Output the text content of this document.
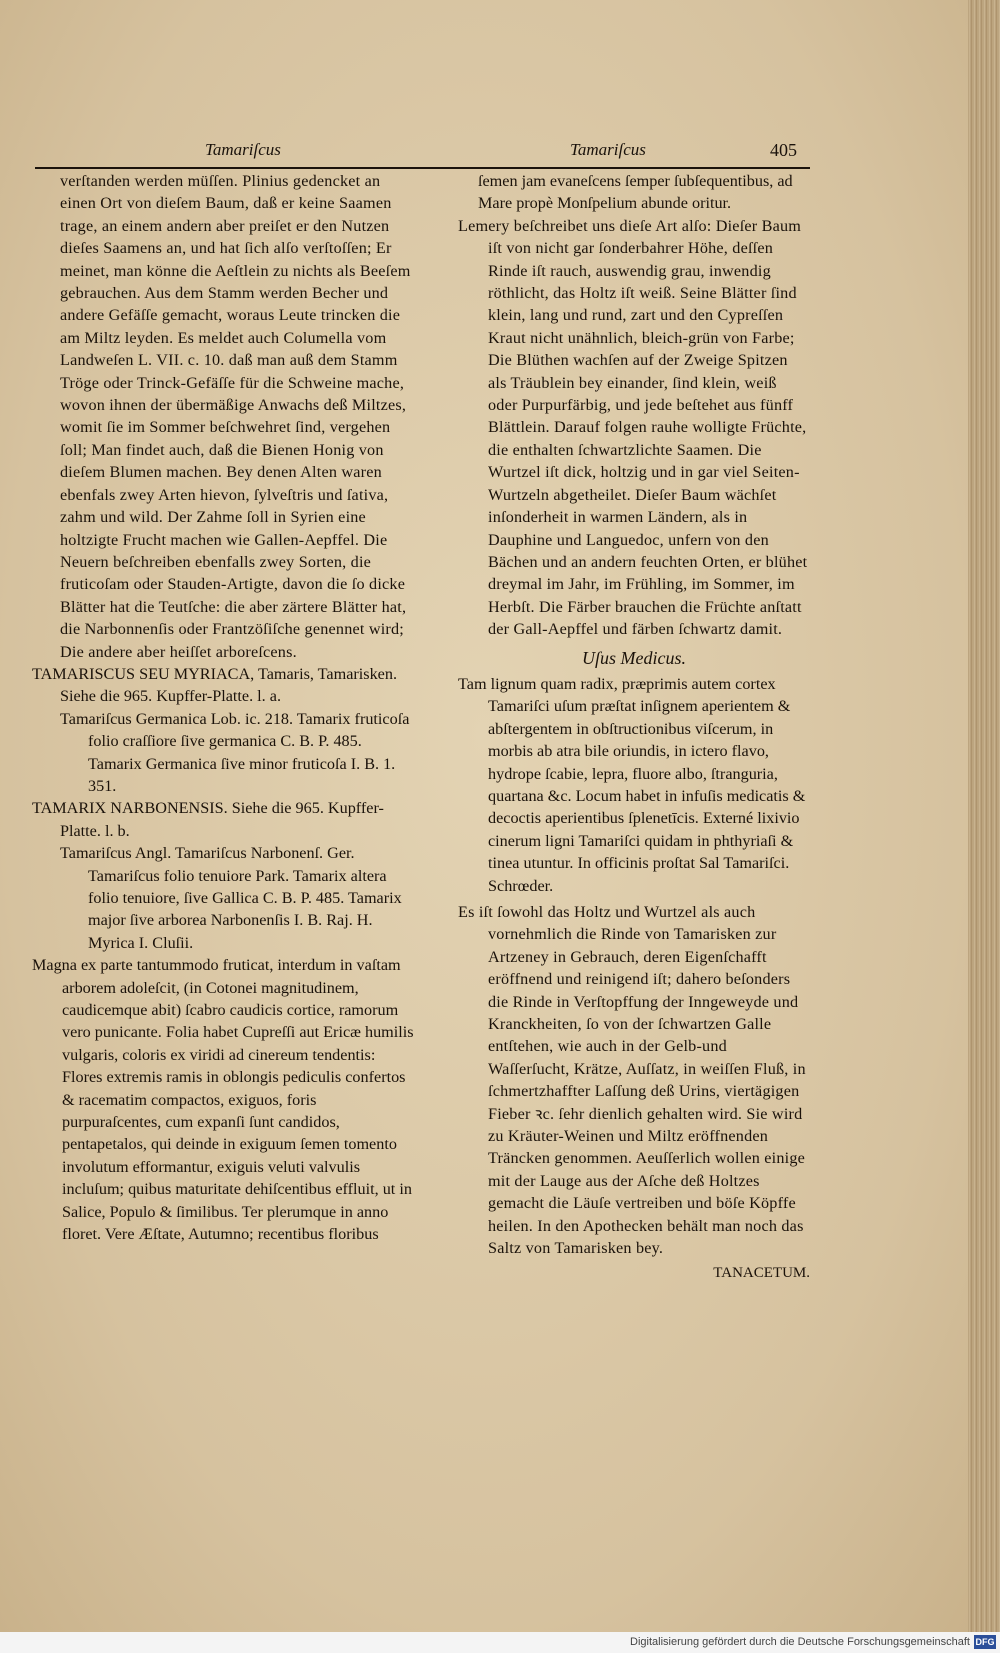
Tamariſcus	Tamariſcus	405

verſtanden werden müſſen. Plinius gedencket an einen Ort von dieſem Baum, daß er keine Saamen trage, an einem andern aber preiſet er den Nutzen dieſes Saamens an, und hat ſich alſo verſtoſſen; Er meinet, man könne die Aeſtlein zu nichts als Beeſem gebrauchen. Aus dem Stamm werden Becher und andere Gefäſſe gemacht, woraus Leute trincken die am Miltz leyden. Es meldet auch Columella vom Landweſen L. VII. c. 10. daß man auß dem Stamm Tröge oder Trinck-Gefäſſe für die Schweine mache, wovon ihnen der übermäßige Anwachs deß Miltzes, womit ſie im Sommer beſchwehret ſind, vergehen ſoll; Man findet auch, daß die Bienen Honig von dieſem Blumen machen. Bey denen Alten waren ebenfals zwey Arten hievon, ſylveſtris und ſativa, zahm und wild. Der Zahme ſoll in Syrien eine holtzigte Frucht machen wie Gallen-Aepffel. Die Neuern beſchreiben ebenfalls zwey Sorten, die fruticoſam oder Stauden-Artigte, davon die ſo dicke Blätter hat die Teutſche: die aber zärtere Blätter hat, die Narbonnenſis oder Frantzöſiſche genennet wird; Die andere aber heiſſet arboreſcens.

TAMARISCUS SEU MYRIACA, Tamaris, Tamarisken. Siehe die 965. Kupffer-Platte. l. a.

Tamariſcus Germanica Lob. ic. 218. Tamarix fruticoſa folio craſſiore ſive germanica C. B. P. 485. Tamarix Germanica ſive minor fruticoſa I. B. 1. 351.

TAMARIX NARBONENSIS. Siehe die 965. Kupffer-Platte. l. b.

Tamariſcus Angl. Tamariſcus Narbonenſ. Ger. Tamariſcus folio tenuiore Park. Tamarix altera folio tenuiore, ſive Gallica C. B. P. 485. Tamarix major ſive arborea Narbonenſis I. B. Raj. H. Myrica I. Cluſii.

Magna ex parte tantummodo fruticat, interdum in vaſtam arborem adoleſcit, (in Cotonei magnitudinem, caudicemque abit) ſcabro caudicis cortice, ramorum vero punicante. Folia habet Cupreſſi aut Ericæ humilis vulgaris, coloris ex viridi ad cinereum tendentis: Flores extremis ramis in oblongis pediculis confertos & racematim compactos, exiguos, foris purpuraſcentes, cum expanſi ſunt candidos, pentapetalos, qui deinde in exiguum ſemen tomento involutum efformantur, exiguis veluti valvulis incluſum; quibus maturitate dehiſcentibus effluit, ut in Salice, Populo & ſimilibus. Ter plerumque in anno floret. Vere Æſtate, Autumno; recentibus floribus

ſemen jam evaneſcens ſemper ſubſequentibus, ad Mare propè Monſpelium abunde oritur.

Lemery beſchreibet uns dieſe Art alſo: Dieſer Baum iſt von nicht gar ſonderbahrer Höhe, deſſen Rinde iſt rauch, auswendig grau, inwendig röthlicht, das Holtz iſt weiß. Seine Blätter ſind klein, lang und rund, zart und den Cypreſſen Kraut nicht unähnlich, bleich-grün von Farbe; Die Blüthen wachſen auf der Zweige Spitzen als Träublein bey einander, ſind klein, weiß oder Purpurfärbig, und jede beſtehet aus fünff Blättlein. Darauf folgen rauhe wolligte Früchte, die enthalten ſchwartzlichte Saamen. Die Wurtzel iſt dick, holtzig und in gar viel Seiten-Wurtzeln abgetheilet. Dieſer Baum wächſet inſonderheit in warmen Ländern, als in Dauphine und Languedoc, unfern von den Bächen und an andern feuchten Orten, er blühet dreymal im Jahr, im Frühling, im Sommer, im Herbſt. Die Färber brauchen die Früchte anſtatt der Gall-Aepffel und färben ſchwartz damit.

Uſus Medicus.

Tam lignum quam radix, præprimis autem cortex Tamariſci uſum præſtat inſignem aperientem & abſtergentem in obſtructionibus viſcerum, in morbis ab atra bile oriundis, in ictero flavo, hydrope ſcabie, lepra, fluore albo, ſtranguria, quartana &c. Locum habet in infuſis medicatis & decoctis aperientibus ſplenetīcis. Externé lixivio cinerum ligni Tamariſci quidam in phthyriaſi & tinea utuntur. In officinis proſtat Sal Tamariſci. Schrœder.

Es iſt ſowohl das Holtz und Wurtzel als auch vornehmlich die Rinde von Tamarisken zur Artzeney in Gebrauch, deren Eigenſchafft eröffnend und reinigend iſt; dahero beſonders die Rinde in Verſtopffung der Inngeweyde und Kranckheiten, ſo von der ſchwartzen Galle entſtehen, wie auch in der Gelb-und Waſſerſucht, Krätze, Auſſatz, in weiſſen Fluß, in ſchmertzhaffter Laſſung deß Urins, viertägigen Fieber ꝛc. ſehr dienlich gehalten wird. Sie wird zu Kräuter-Weinen und Miltz eröffnenden Träncken genommen. Aeuſſerlich wollen einige mit der Lauge aus der Aſche deß Holtzes gemacht die Läuſe vertreiben und böſe Köpffe heilen. In den Apothecken behält man noch das Saltz von Tamarisken bey.

TANACETUM.

Digitalisierung gefördert durch die Deutsche Forschungsgemeinschaft DFG
